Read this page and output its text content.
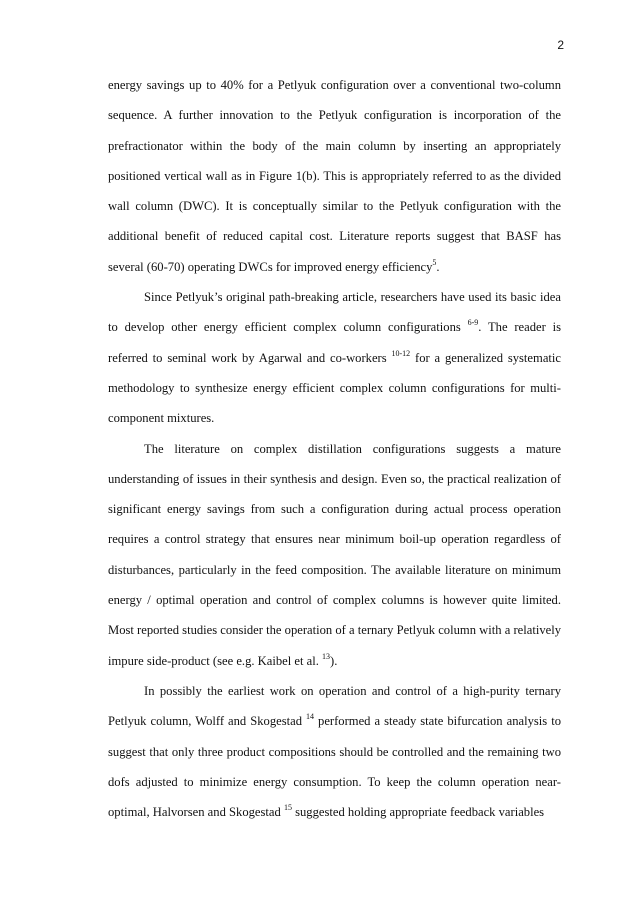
2

energy savings up to 40% for a Petlyuk configuration over a conventional two-column sequence. A further innovation to the Petlyuk configuration is incorporation of the prefractionator within the body of the main column by inserting an appropriately positioned vertical wall as in Figure 1(b). This is appropriately referred to as the divided wall column (DWC). It is conceptually similar to the Petlyuk configuration with the additional benefit of reduced capital cost. Literature reports suggest that BASF has several (60-70) operating DWCs for improved energy efficiency$^5$.

Since Petlyuk’s original path-breaking article, researchers have used its basic idea to develop other energy efficient complex column configurations $^{6-9}$. The reader is referred to seminal work by Agarwal and co-workers $^{10-12}$ for a generalized systematic methodology to synthesize energy efficient complex column configurations for multi-component mixtures.

The literature on complex distillation configurations suggests a mature understanding of issues in their synthesis and design. Even so, the practical realization of significant energy savings from such a configuration during actual process operation requires a control strategy that ensures near minimum boil-up operation regardless of disturbances, particularly in the feed composition. The available literature on minimum energy / optimal operation and control of complex columns is however quite limited. Most reported studies consider the operation of a ternary Petlyuk column with a relatively impure side-product (see e.g. Kaibel et al. $^{13}$).

In possibly the earliest work on operation and control of a high-purity ternary Petlyuk column, Wolff and Skogestad $^{14}$ performed a steady state bifurcation analysis to suggest that only three product compositions should be controlled and the remaining two dofs adjusted to minimize energy consumption. To keep the column operation near-optimal, Halvorsen and Skogestad $^{15}$ suggested holding appropriate feedback variables
